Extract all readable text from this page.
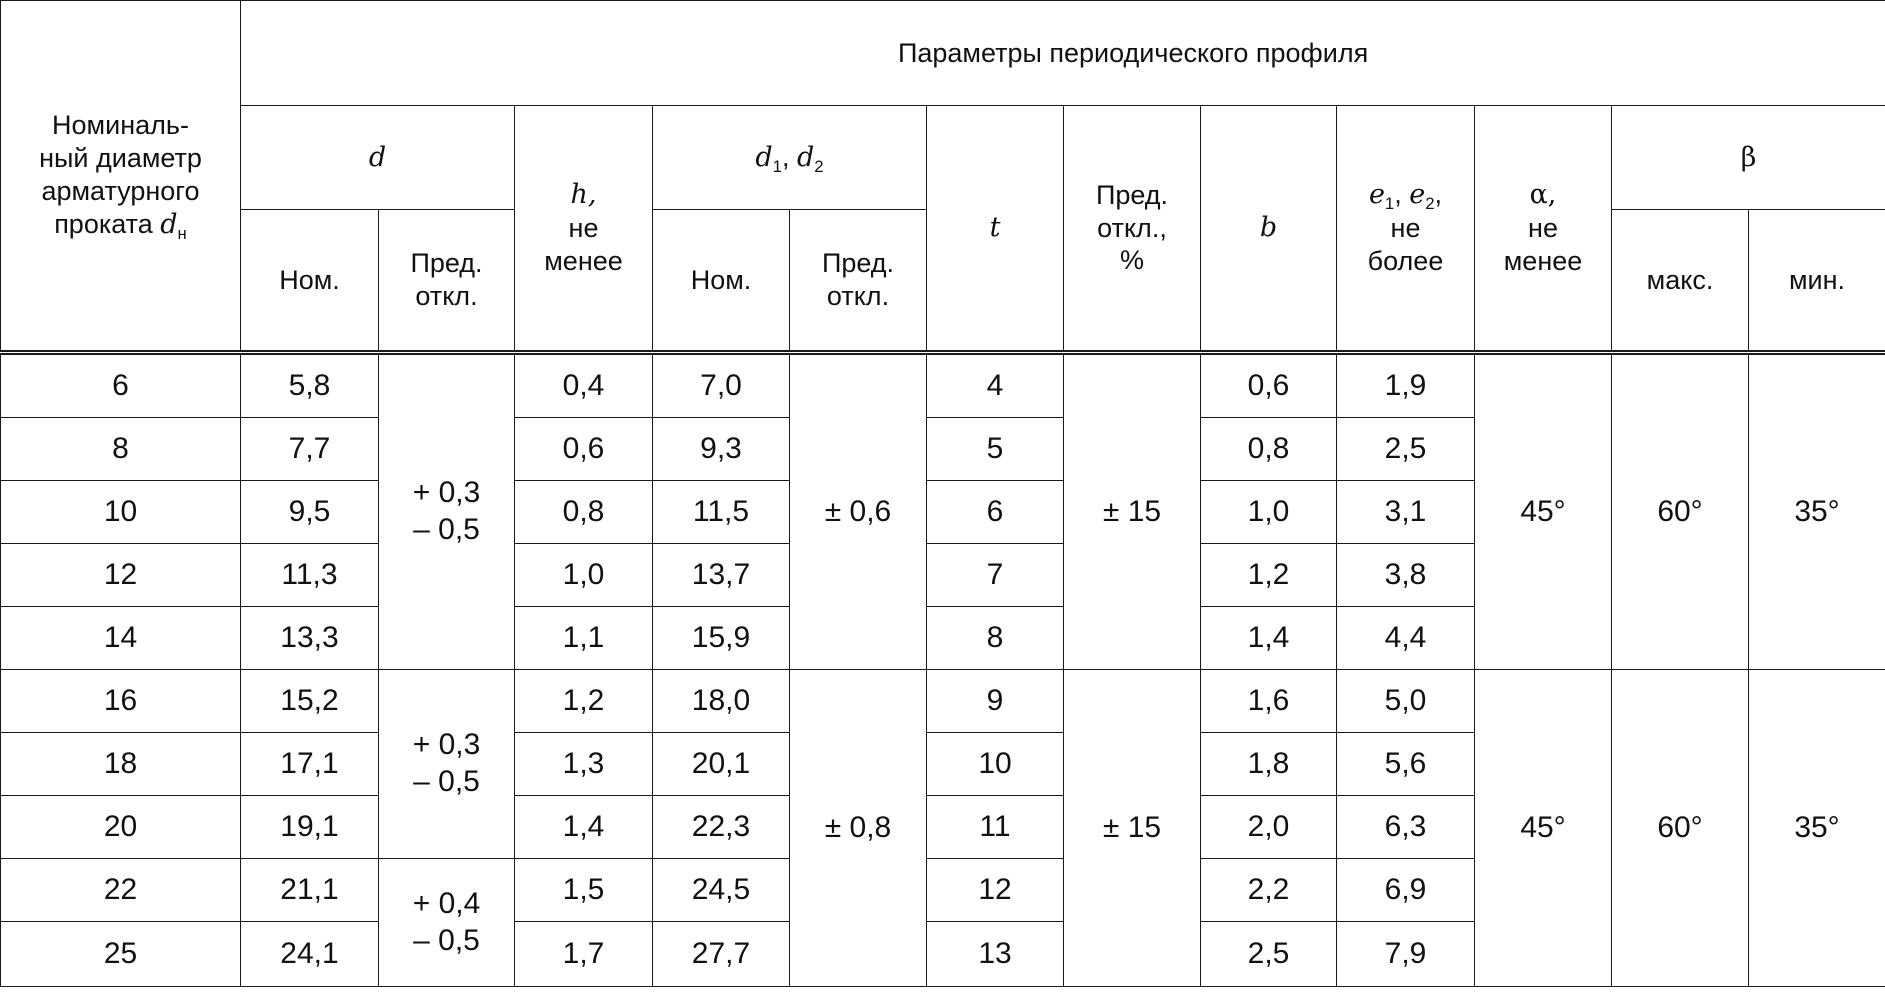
Номиналь-
ный диаметр
арматурного
проката $d_н$	Параметры периодического профиля											
	d		h,
не
менее	$d_1$, $d_2$		t	Пред.
откл.,
%	b	$e_1$, $e_2$,
не
более	α,
не
менее	β	
	Ном.	Пред.
откл.		Ном.	Пред.
откл.						макс.	мин.
6	5,8	+ 0,3
– 0,5	0,4	7,0	± 0,6	4	± 15	0,6	1,9	45°	60°	35°
8	7,7		0,6	9,3		5		0,8	2,5			
10	9,5		0,8	11,5		6		1,0	3,1			
12	11,3		1,0	13,7		7		1,2	3,8			
14	13,3		1,1	15,9		8		1,4	4,4			
16	15,2	+ 0,3
– 0,5	1,2	18,0	± 0,8	9	± 15	1,6	5,0	45°	60°	35°
18	17,1		1,3	20,1		10		1,8	5,6			
20	19,1		1,4	22,3		11		2,0	6,3			
22	21,1	+ 0,4
– 0,5	1,5	24,5		12		2,2	6,9			
25	24,1		1,7	27,7		13		2,5	7,9			
